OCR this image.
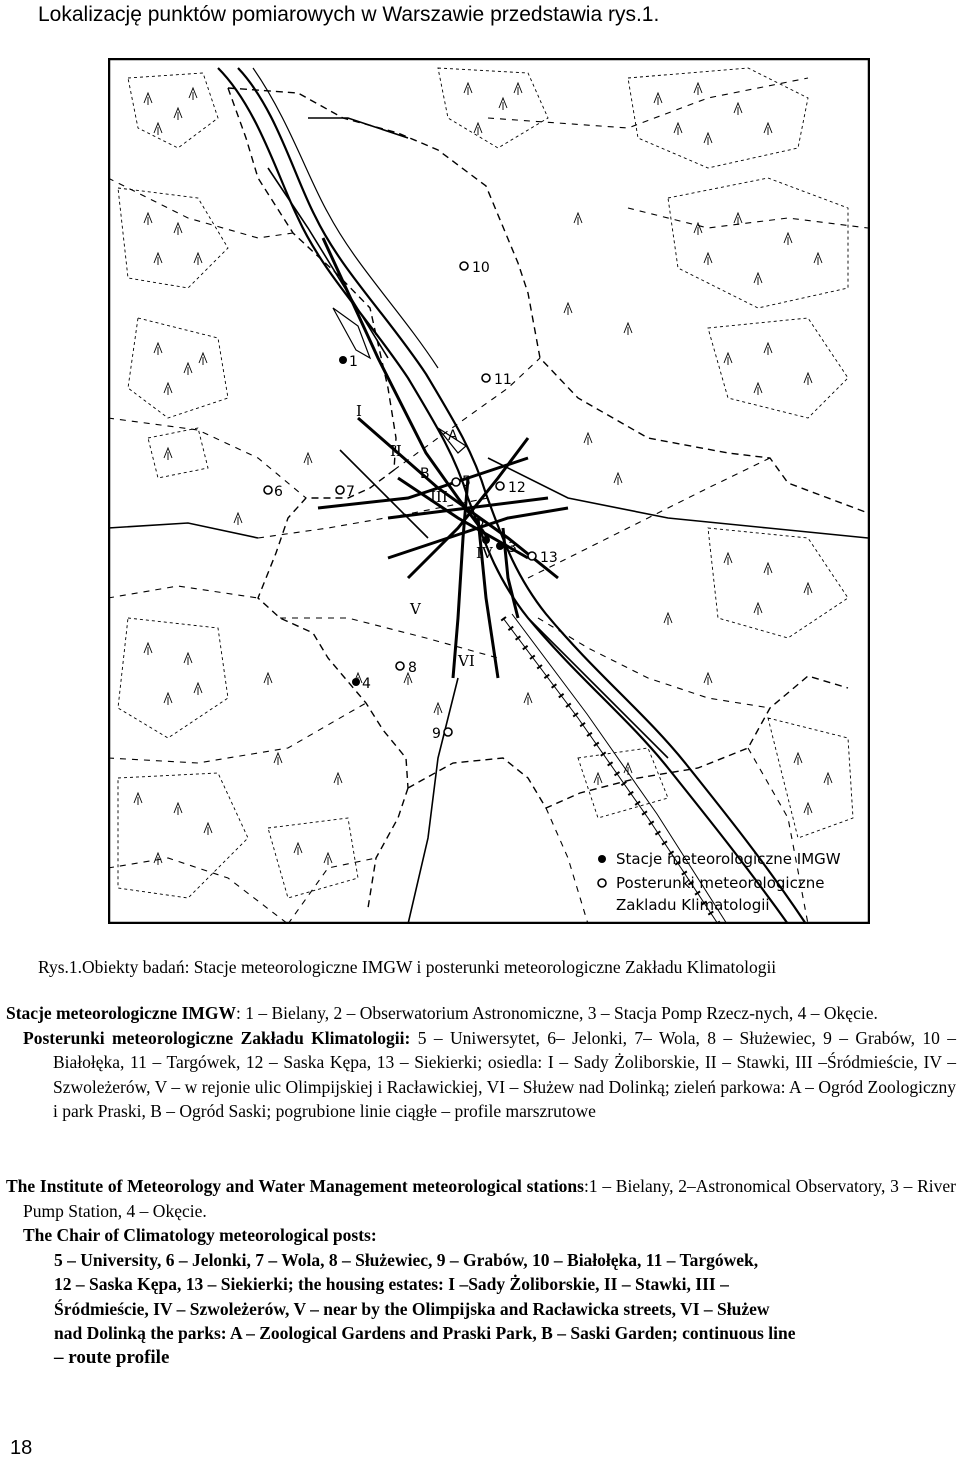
Lokalizację punktów pomiarowych w Warszawie przedstawia rys.1.
1
2
3
4
5
6	7
8
9
10
11
12
13
I
II
III
IV
V
VI
A
B
Stacje meteorologiczne IMGW
Posterunki meteorologiczne
Zakladu Klimatologii
Rys.1.Obiekty badań: Stacje meteorologiczne IMGW i posterunki meteorologiczne Zakładu Klimatologii
Stacje meteorologiczne IMGW: 1 – Bielany, 2 – Obserwatorium Astronomiczne, 3 – Stacja Pomp Rzecz-nych, 4 – Okęcie.
Posterunki meteorologiczne Zakładu Klimatologii: 5 – Uniwersytet, 6– Jelonki, 7– Wola, 8 – Służewiec, 9 – Grabów, 10 – Białołęka, 11 – Targówek, 12 – Saska Kępa, 13 – Siekierki; osiedla: I – Sady Żoliborskie, II – Stawki, III –Śródmieście, IV – Szwoleżerów, V – w rejonie ulic Olimpijskiej i Racławickiej, VI – Służew nad Dolinką; zieleń parkowa: A – Ogród Zoologiczny i park Praski, B – Ogród Saski; pogrubione linie ciągłe – profile marszrutowe
The Institute of Meteorology and Water Management meteorological stations:1 – Bielany, 2–Astronomical Observatory, 3 – River Pump Station, 4 – Okęcie.
The Chair of Climatology meteorological posts:
5 – University, 6 – Jelonki, 7 – Wola, 8 – Służewiec, 9 – Grabów, 10 – Białołęka, 11 – Targówek,
12 – Saska Kępa, 13 – Siekierki; the housing estates: I –Sady Żoliborskie, II – Stawki, III –
Śródmieście, IV – Szwoleżerów, V – near by the Olimpijska and Racławicka streets, VI – Służew
nad Dolinką the parks: A – Zoological Gardens and Praski Park, B – Saski Garden; continuous line
– route profile
18
